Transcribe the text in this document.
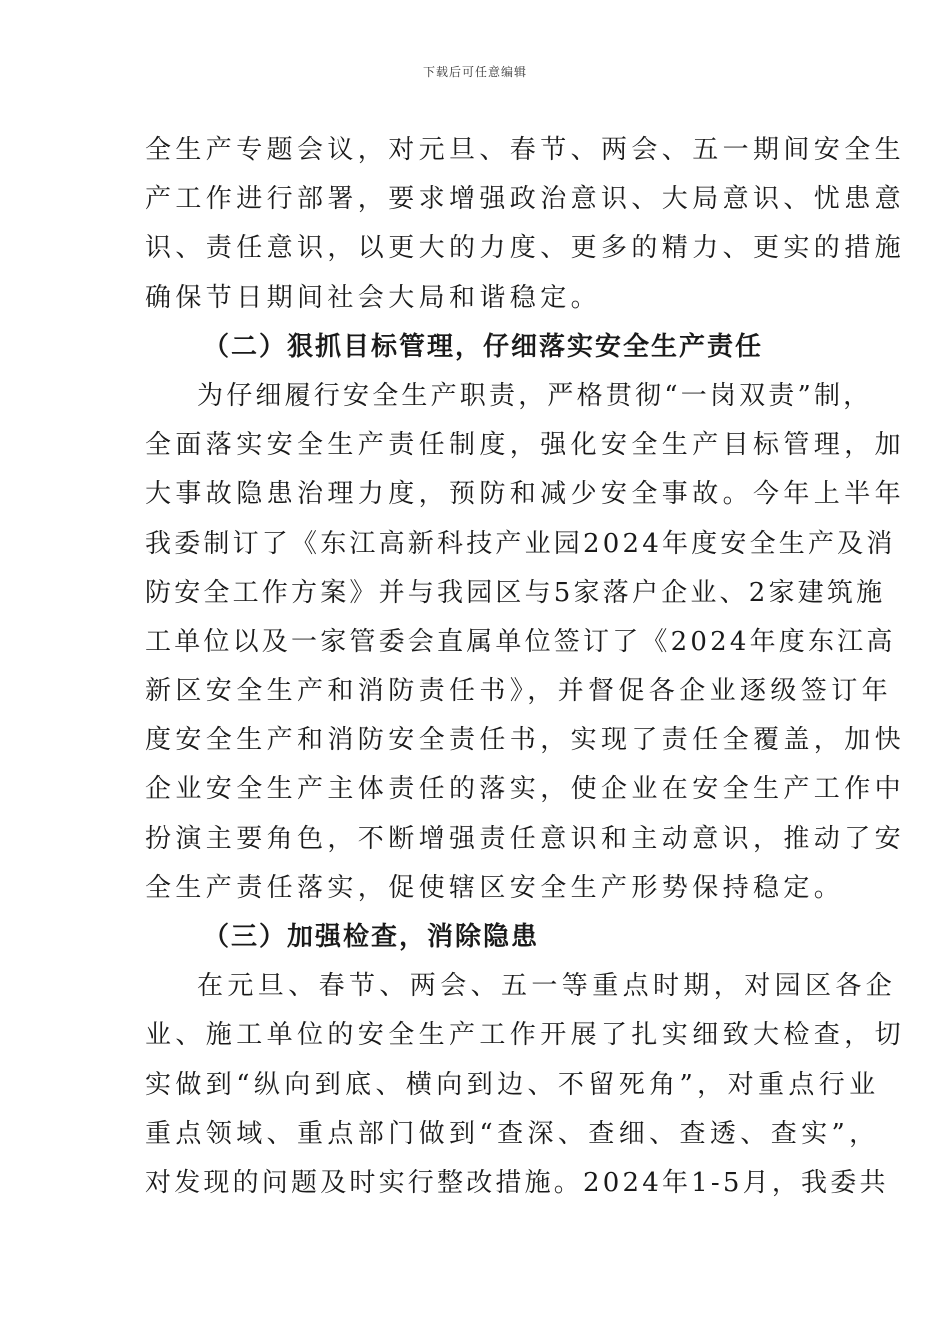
下载后可任意编辑
全生产专题会议，对元旦、春节、两会、五一期间安全生
产工作进行部署，要求增强政治意识、大局意识、忧患意
识、责任意识，以更大的力度、更多的精力、更实的措施
确保节日期间社会大局和谐稳定。
（二）狠抓目标管理，仔细落实安全生产责任
为仔细履行安全生产职责，严格贯彻“一岗双责”制，
全面落实安全生产责任制度，强化安全生产目标管理，加
大事故隐患治理力度，预防和减少安全事故。今年上半年
我委制订了《东江高新科技产业园2024年度安全生产及消
防安全工作方案》并与我园区与5家落户企业、2家建筑施
工单位以及一家管委会直属单位签订了《2024年度东江高
新区安全生产和消防责任书》，并督促各企业逐级签订年
度安全生产和消防安全责任书，实现了责任全覆盖，加快
企业安全生产主体责任的落实，使企业在安全生产工作中
扮演主要角色，不断增强责任意识和主动意识，推动了安
全生产责任落实，促使辖区安全生产形势保持稳定。
（三）加强检查，消除隐患
在元旦、春节、两会、五一等重点时期，对园区各企
业、施工单位的安全生产工作开展了扎实细致大检查，切
实做到“纵向到底、横向到边、不留死角”，对重点行业
重点领域、重点部门做到“查深、查细、查透、查实”，
对发现的问题及时实行整改措施。2024年1-5月，我委共
